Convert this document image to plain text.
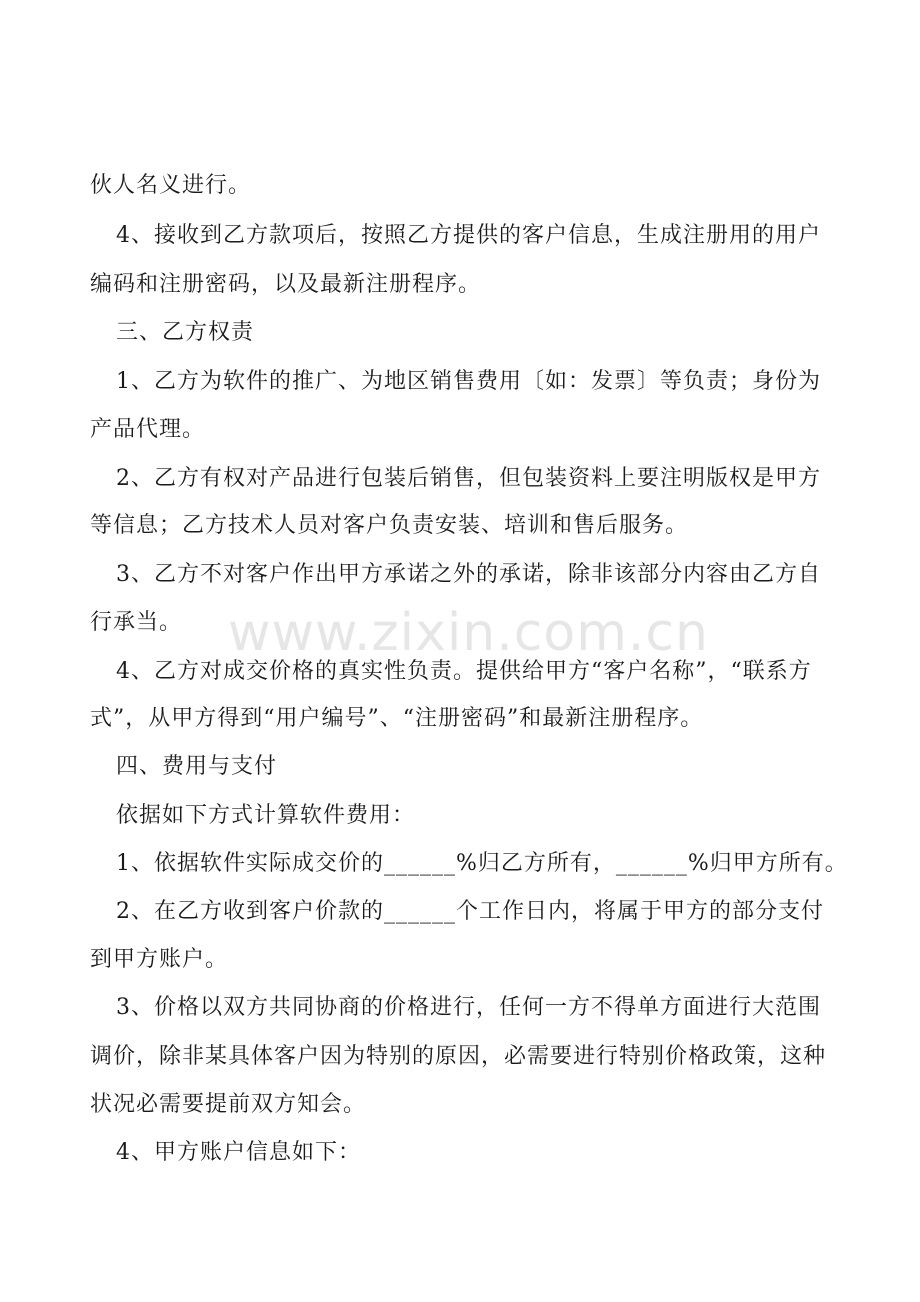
www.zixin.com.cn
伙人名义进行。
4、接收到乙方款项后，按照乙方提供的客户信息，生成注册用的用户
编码和注册密码，以及最新注册程序。
三、乙方权责
1、乙方为软件的推广、为地区销售费用〔如：发票〕等负责；身份为
产品代理。
2、乙方有权对产品进行包装后销售，但包装资料上要注明版权是甲方
等信息；乙方技术人员对客户负责安装、培训和售后服务。
3、乙方不对客户作出甲方承诺之外的承诺，除非该部分内容由乙方自
行承当。
4、乙方对成交价格的真实性负责。提供给甲方“客户名称”，“联系方
式”，从甲方得到“用户编号”、“注册密码”和最新注册程序。
四、费用与支付
依据如下方式计算软件费用：
1、依据软件实际成交价的______%归乙方所有，______%归甲方所有。
2、在乙方收到客户价款的______个工作日内，将属于甲方的部分支付
到甲方账户。
3、价格以双方共同协商的价格进行，任何一方不得单方面进行大范围
调价，除非某具体客户因为特别的原因，必需要进行特别价格政策，这种
状况必需要提前双方知会。
4、甲方账户信息如下：
